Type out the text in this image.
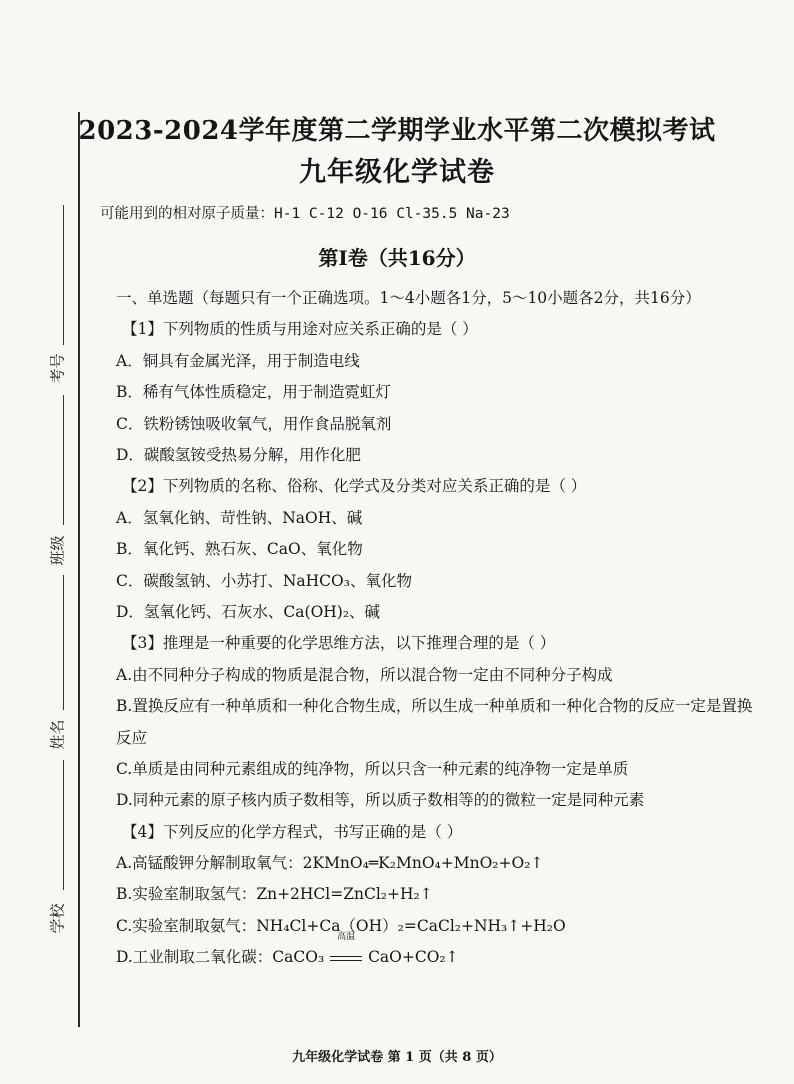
考号
班级
姓名
学校
2023-2024学年度第二学期学业水平第二次模拟考试
九年级化学试卷
可能用到的相对原子质量：H-1 C-12 O-16 Cl-35.5 Na-23
第Ⅰ卷（共16分）
一、单选题（每题只有一个正确选项。1～4小题各1分，5～10小题各2分，共16分）
【1】下列物质的性质与用途对应关系正确的是（ ）
A．铜具有金属光泽，用于制造电线
B．稀有气体性质稳定，用于制造霓虹灯
C．铁粉锈蚀吸收氧气，用作食品脱氧剂
D．碳酸氢铵受热易分解，用作化肥
【2】下列物质的名称、俗称、化学式及分类对应关系正确的是（ ）
A．氢氧化钠、苛性钠、NaOH、碱
B．氧化钙、熟石灰、CaO、氧化物
C．碳酸氢钠、小苏打、NaHCO₃、氧化物
D．氢氧化钙、石灰水、Ca(OH)₂、碱
【3】推理是一种重要的化学思维方法，以下推理合理的是（ ）
A.由不同种分子构成的物质是混合物，所以混合物一定由不同种分子构成
B.置换反应有一种单质和一种化合物生成，所以生成一种单质和一种化合物的反应一定是置换反应
C.单质是由同种元素组成的纯净物，所以只含一种元素的纯净物一定是单质
D.同种元素的原子核内质子数相等，所以质子数相等的的微粒一定是同种元素
【4】下列反应的化学方程式，书写正确的是（ ）
A.高锰酸钾分解制取氧气：2KMnO₄═K₂MnO₄+MnO₂+O₂↑
B.实验室制取氢气：Zn+2HCl=ZnCl₂+H₂↑
C.实验室制取氨气：NH₄Cl+Ca（OH）₂=CaCl₂+NH₃↑+H₂O
D.工业制取二氧化碳：CaCO₃
高温
CaO+CO₂↑
九年级化学试卷 第 1 页（共 8 页）
